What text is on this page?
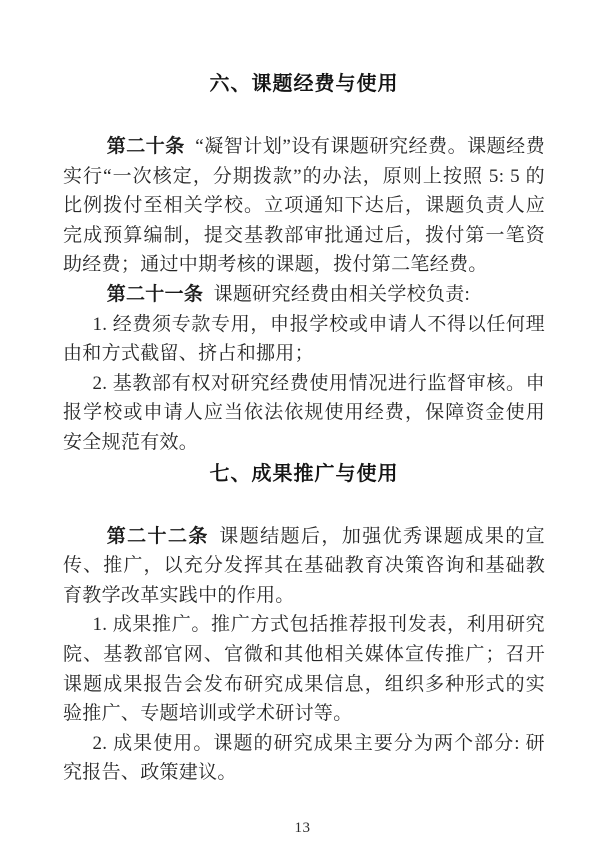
六、课题经费与使用

第二十条 “凝智计划”设有课题研究经费。课题经费实行“一次核定，分期拨款”的办法，原则上按照 5: 5 的比例拨付至相关学校。立项通知下达后，课题负责人应完成预算编制，提交基教部审批通过后，拨付第一笔资助经费；通过中期考核的课题，拨付第二笔经费。

第二十一条 课题研究经费由相关学校负责:

1. 经费须专款专用，申报学校或申请人不得以任何理由和方式截留、挤占和挪用；

2. 基教部有权对研究经费使用情况进行监督审核。申报学校或申请人应当依法依规使用经费，保障资金使用安全规范有效。

七、成果推广与使用

第二十二条 课题结题后，加强优秀课题成果的宣传、推广，以充分发挥其在基础教育决策咨询和基础教育教学改革实践中的作用。

1. 成果推广。推广方式包括推荐报刊发表，利用研究院、基教部官网、官微和其他相关媒体宣传推广；召开课题成果报告会发布研究成果信息，组织多种形式的实验推广、专题培训或学术研讨等。

2. 成果使用。课题的研究成果主要分为两个部分: 研究报告、政策建议。

13
